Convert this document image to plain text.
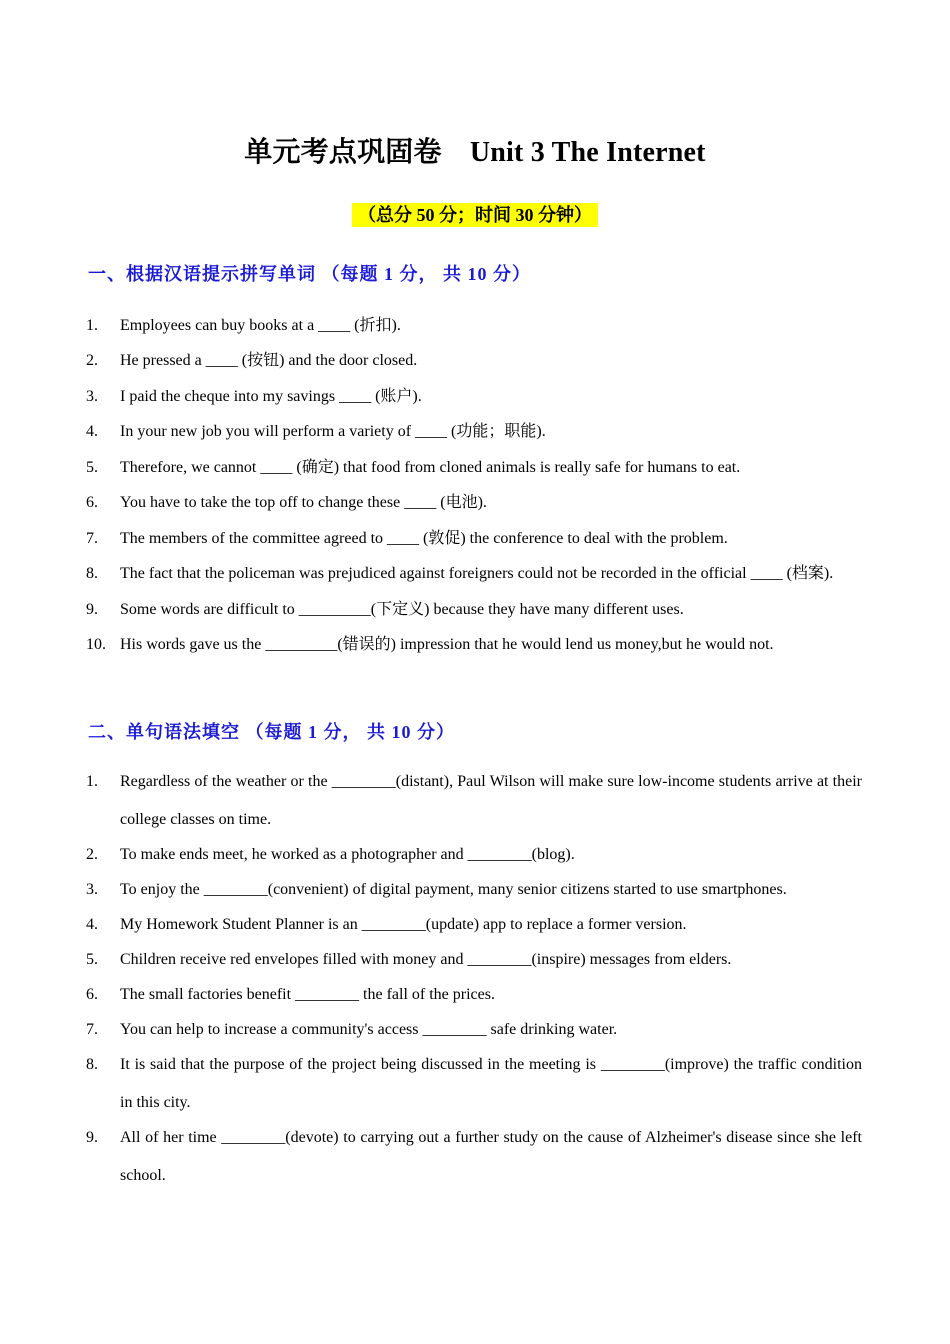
单元考点巩固卷　Unit 3 The Internet
（总分 50 分；时间 30 分钟）
一、根据汉语提示拼写单词 （每题 1 分， 共 10 分）
1.	Employees can buy books at a ____ (折扣).
2.	He pressed a ____ (按钮) and the door closed.
3.	I paid the cheque into my savings ____ (账户).
4.	In your new job you will perform a variety of ____ (功能；职能).
5.	Therefore, we cannot ____ (确定) that food from cloned animals is really safe for humans to eat.
6.	You have to take the top off to change these ____ (电池).
7.	The members of the committee agreed to ____ (敦促) the conference to deal with the problem.
8.	The fact that the policeman was prejudiced against foreigners could not be recorded in the official ____ (档案).
9.	Some words are difficult to _________(下定义) because they have many different uses.
10. His words gave us the _________(错误的) impression that he would lend us money,but he would not.
二、单句语法填空 （每题 1 分， 共 10 分）
1.	Regardless of the weather or the ________(distant), Paul Wilson will make sure low-income students arrive at their college classes on time.
2.	To make ends meet, he worked as a photographer and ________(blog).
3.	To enjoy the ________(convenient) of digital payment, many senior citizens started to use smartphones.
4.	My Homework Student Planner is an ________(update) app to replace a former version.
5.	Children receive red envelopes filled with money and ________(inspire) messages from elders.
6.	The small factories benefit ________ the fall of the prices.
7.	You can help to increase a community's access ________ safe drinking water.
8.	It is said that the purpose of the project being discussed in the meeting is ________(improve) the traffic condition in this city.
9.	All of her time ________(devote) to carrying out a further study on the cause of Alzheimer's disease since she left school.
